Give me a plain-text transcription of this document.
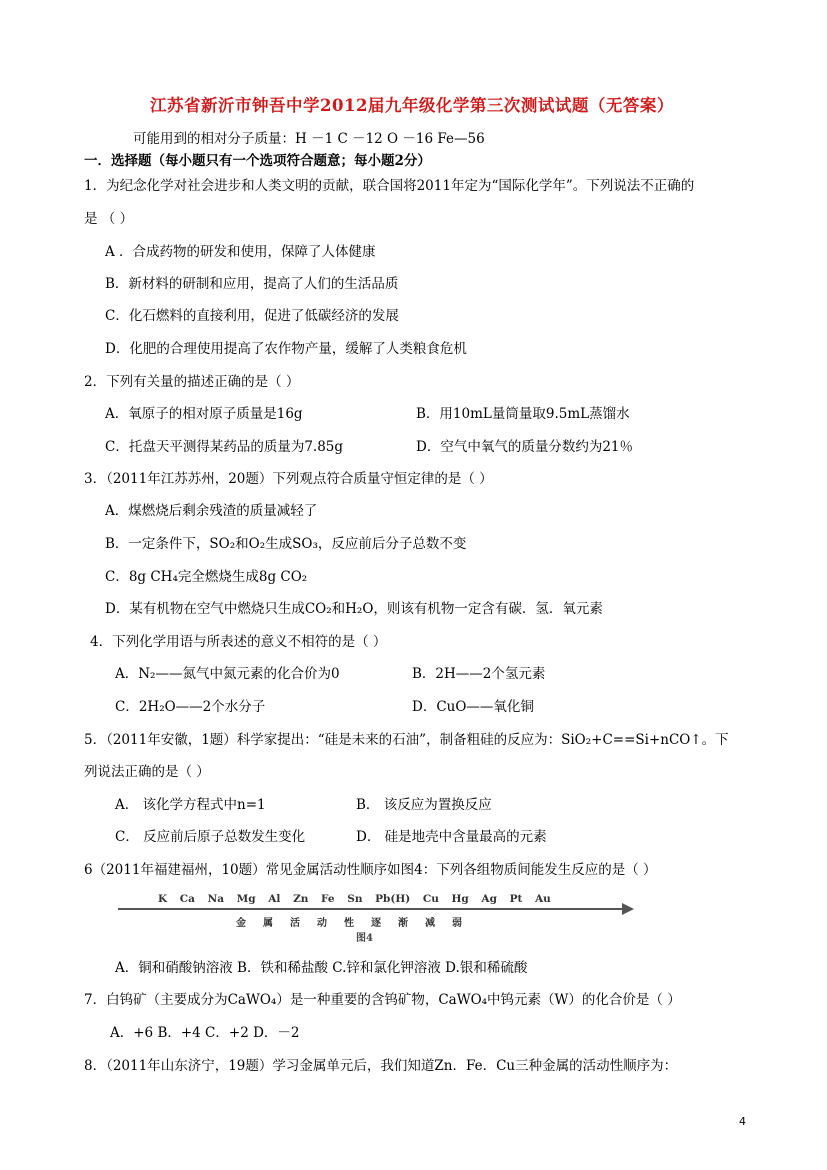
江苏省新沂市钟吾中学2012届九年级化学第三次测试试题（无答案）
可能用到的相对分子质量：H －1 C －12 O －16 Fe—56
一．选择题（每小题只有一个选项符合题意；每小题2分）
1．为纪念化学对社会进步和人类文明的贡献，联合国将2011年定为“国际化学年”。下列说法不正确的
是 （ ）
A ．合成药物的研发和使用，保障了人体健康
B．新材料的研制和应用，提高了人们的生活品质
C．化石燃料的直接利用，促进了低碳经济的发展
D．化肥的合理使用提高了农作物产量，缓解了人类粮食危机
2．下列有关量的描述正确的是（ ）
A．氧原子的相对原子质量是16g	B．用10mL量筒量取9.5mL蒸馏水
C．托盘天平测得某药品的质量为7.85g	D．空气中氧气的质量分数约为21％
3．（2011年江苏苏州，20题）下列观点符合质量守恒定律的是（ ）
A．煤燃烧后剩余残渣的质量减轻了
B．一定条件下，SO₂和O₂生成SO₃，反应前后分子总数不变
C．8g CH₄完全燃烧生成8g CO₂
D．某有机物在空气中燃烧只生成CO₂和H₂O，则该有机物一定含有碳．氢．氧元素
4．下列化学用语与所表述的意义不相符的是（ ）
A．N₂——氮气中氮元素的化合价为0	B．2H——2个氢元素
C．2H₂O——2个水分子	D．CuO——氧化铜
5．（2011年安徽，1题）科学家提出：“硅是未来的石油”，制备粗硅的反应为：SiO₂+C==Si+nCO↑。下
列说法正确的是（ ）
A． 该化学方程式中n=1	B． 该反应为置换反应
C． 反应前后原子总数发生变化	D． 硅是地壳中含量最高的元素
6（2011年福建福州，10题）常见金属活动性顺序如图4：下列各组物质间能发生反应的是（ ）
K Ca Na Mg Al Zn Fe Sn Pb(H) Cu Hg Ag Pt Au
金属活动性逐渐减弱
图4
A．铜和硝酸钠溶液 B．铁和稀盐酸 C.锌和氯化钾溶液 D.银和稀硫酸
7．白钨矿（主要成分为CaWO₄）是一种重要的含钨矿物，CaWO₄中钨元素（W）的化合价是（ ）
A．+6 B．+4 C．+2 D．－2
8．（2011年山东济宁，19题）学习金属单元后，我们知道Zn．Fe．Cu三种金属的活动性顺序为：
4
